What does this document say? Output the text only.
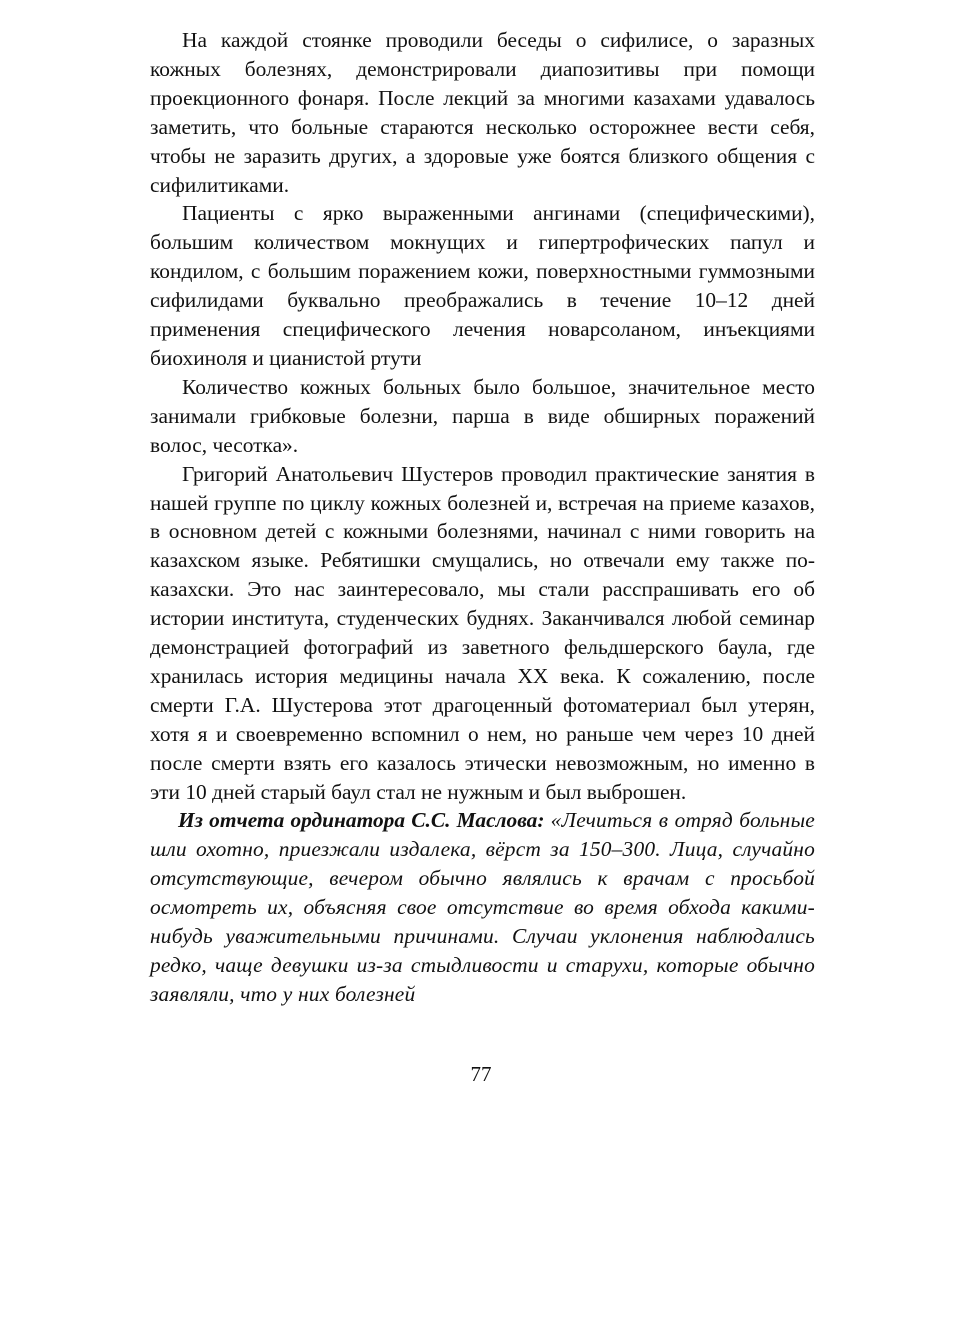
На каждой стоянке проводили беседы о сифилисе, о заразных кожных болезнях, демонстрировали диапозитивы при помощи проекционного фонаря. После лекций за многими казахами удавалось заметить, что больные стараются несколько осторожнее вести себя, чтобы не заразить других, а здоровые уже боятся близкого общения с сифилитиками.

Пациенты с ярко выраженными ангинами (специфическими), большим количеством мокнущих и гипертрофических папул и кондилом, с большим поражением кожи, поверхностными гуммозными сифилидами буквально преображались в течение 10–12 дней применения специфического лечения новарсоланом, инъекциями биохиноля и цианистой ртути

Количество кожных больных было большое, значительное место занимали грибковые болезни, парша в виде обширных поражений волос, чесотка».

Григорий Анатольевич Шустеров проводил практические занятия в нашей группе по циклу кожных болезней и, встречая на приеме казахов, в основном детей с кожными болезнями, начинал с ними говорить на казахском языке. Ребятишки смущались, но отвечали ему также по-казахски. Это нас заинтересовало, мы стали расспрашивать его об истории института, студенческих буднях. Заканчивался любой семинар демонстрацией фотографий из заветного фельдшерского баула, где хранилась история медицины начала XX века. К сожалению, после смерти Г.А. Шустерова этот драгоценный фотоматериал был утерян, хотя я и своевременно вспомнил о нем, но раньше чем через 10 дней после смерти взять его казалось этически невозможным, но именно в эти 10 дней старый баул стал не нужным и был выброшен.

Из отчета ординатора С.С. Маслова: «Лечиться в отряд больные шли охотно, приезжали издалека, вёрст за 150–300. Лица, случайно отсутствующие, вечером обычно являлись к врачам с просьбой осмотреть их, объясняя свое отсутствие во время обхода какими-нибудь уважительными причинами. Случаи уклонения наблюдались редко, чаще девушки из-за стыдливости и старухи, которые обычно заявляли, что у них болезней

77
